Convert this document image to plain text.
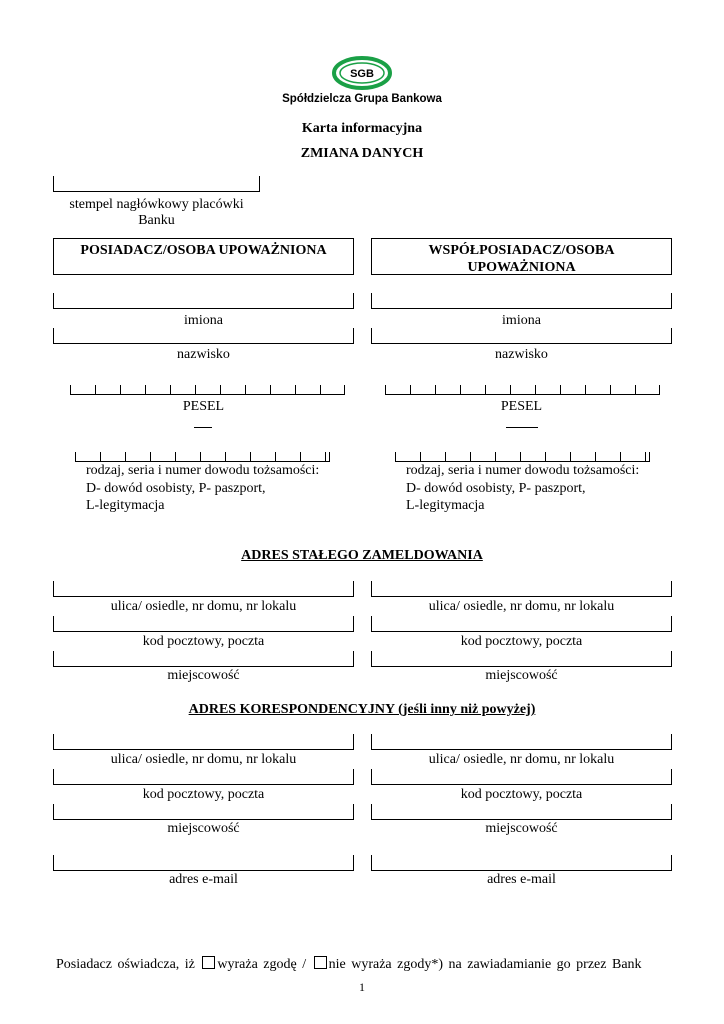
SGB
Spółdzielcza Grupa Bankowa
Karta informacyjna
ZMIANA DANYCH
stempel nagłówkowy placówki
Banku
POSIADACZ/OSOBA UPOWAŻNIONA	WSPÓŁPOSIADACZ/OSOBA
UPOWAŻNIONA
imiona
nazwisko
PESEL
rodzaj, seria i numer dowodu tożsamości:
D- dowód osobisty, P- paszport,
L-legitymacja
imiona
nazwisko
PESEL
rodzaj, seria i numer dowodu tożsamości:
D- dowód osobisty, P- paszport,
L-legitymacja
ADRES STAŁEGO ZAMELDOWANIA
ulica/ osiedle, nr domu, nr lokalu
kod pocztowy, poczta
miejscowość
ulica/ osiedle, nr domu, nr lokalu
kod pocztowy, poczta
miejscowość
ADRES KORESPONDENCYJNY (jeśli inny niż powyżej)
ulica/ osiedle, nr domu, nr lokalu
kod pocztowy, poczta
miejscowość
adres e-mail
ulica/ osiedle, nr domu, nr lokalu
kod pocztowy, poczta
miejscowość
adres e-mail
Posiadacz oświadcza, iż wyraża zgodę / nie wyraża zgody*) na zawiadamianie go przez Bank
1
